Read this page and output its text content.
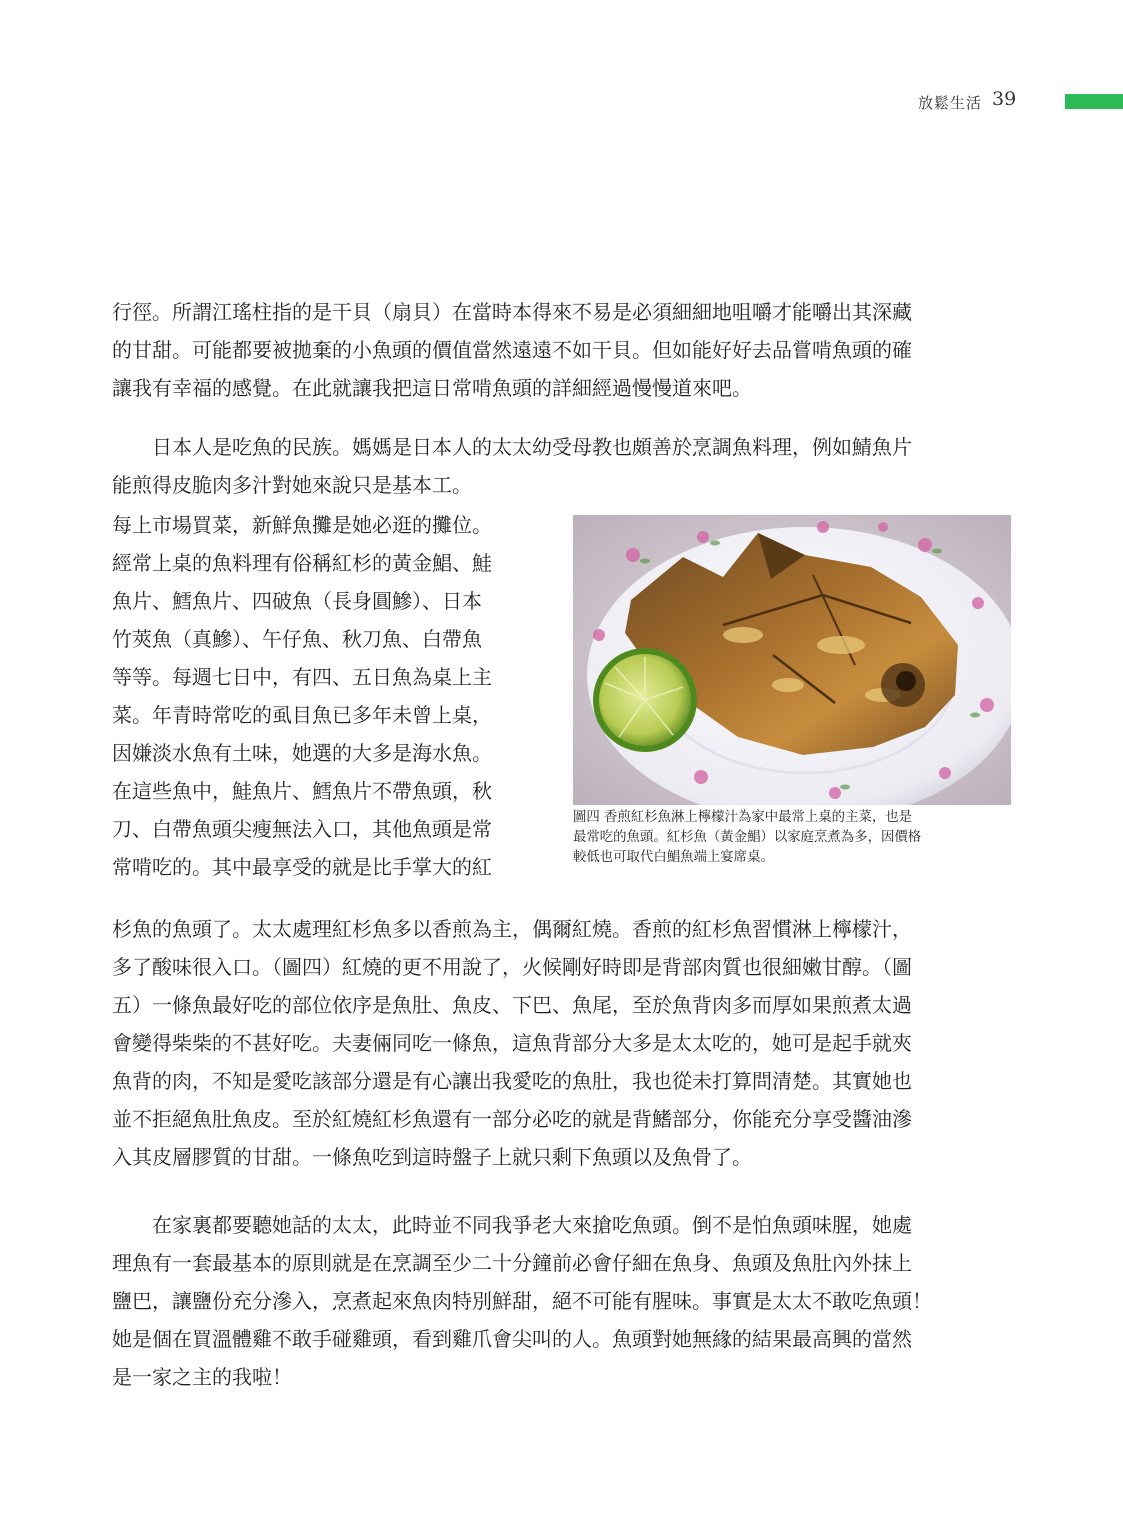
放鬆生活 39
行徑。所謂江瑤柱指的是干貝（扇貝）在當時本得來不易是必須細細地咀嚼才能嚼出其深藏
的甘甜。可能都要被拋棄的小魚頭的價值當然遠遠不如干貝。但如能好好去品嘗啃魚頭的確
讓我有幸福的感覺。在此就讓我把這日常啃魚頭的詳細經過慢慢道來吧。
　　日本人是吃魚的民族。媽媽是日本人的太太幼受母教也頗善於烹調魚料理，例如鯖魚片
能煎得皮脆肉多汁對她來說只是基本工。
每上市場買菜，新鮮魚攤是她必逛的攤位。
經常上桌的魚料理有俗稱紅杉的黃金鯧、鮭
魚片、鱈魚片、四破魚（長身圓鰺）、日本
竹莢魚（真鰺）、午仔魚、秋刀魚、白帶魚
等等。每週七日中，有四、五日魚為桌上主
菜。年青時常吃的虱目魚已多年未曾上桌，
因嫌淡水魚有土味，她選的大多是海水魚。
在這些魚中，鮭魚片、鱈魚片不帶魚頭，秋
刀、白帶魚頭尖瘦無法入口，其他魚頭是常
常啃吃的。其中最享受的就是比手掌大的紅
杉魚的魚頭了。太太處理紅杉魚多以香煎為主，偶爾紅燒。香煎的紅杉魚習慣淋上檸檬汁，
多了酸味很入口。（圖四）紅燒的更不用說了，火候剛好時即是背部肉質也很細嫩甘醇。（圖
五）一條魚最好吃的部位依序是魚肚、魚皮、下巴、魚尾，至於魚背肉多而厚如果煎煮太過
會變得柴柴的不甚好吃。夫妻倆同吃一條魚，這魚背部分大多是太太吃的，她可是起手就夾
魚背的肉，不知是愛吃該部分還是有心讓出我愛吃的魚肚，我也從未打算問清楚。其實她也
並不拒絕魚肚魚皮。至於紅燒紅杉魚還有一部分必吃的就是背鰭部分，你能充分享受醬油滲
入其皮層膠質的甘甜。一條魚吃到這時盤子上就只剩下魚頭以及魚骨了。
　　在家裏都要聽她話的太太，此時並不同我爭老大來搶吃魚頭。倒不是怕魚頭味腥，她處
理魚有一套最基本的原則就是在烹調至少二十分鐘前必會仔細在魚身、魚頭及魚肚內外抹上
鹽巴，讓鹽份充分滲入，烹煮起來魚肉特別鮮甜，絕不可能有腥味。事實是太太不敢吃魚頭！
她是個在買溫體雞不敢手碰雞頭，看到雞爪會尖叫的人。魚頭對她無緣的結果最高興的當然
是一家之主的我啦！
圖四 香煎紅杉魚淋上檸檬汁為家中最常上桌的主菜，也是
最常吃的魚頭。紅杉魚（黃金鯧）以家庭烹煮為多，因價格
較低也可取代白鯧魚端上宴席桌。
